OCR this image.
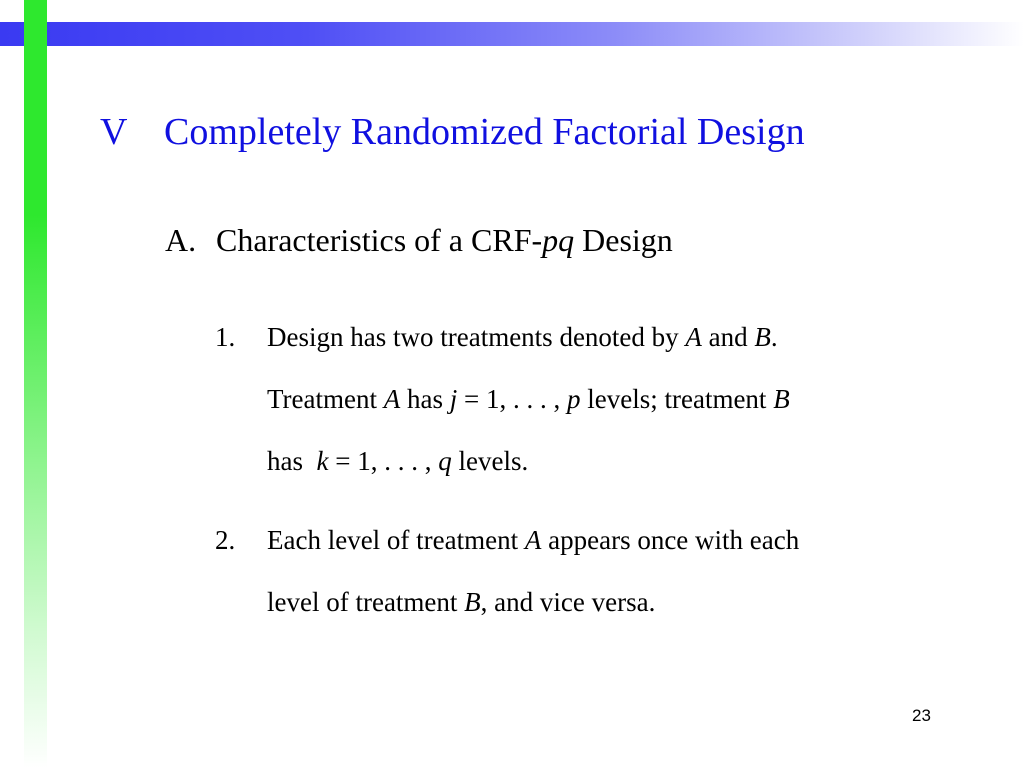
V Completely Randomized Factorial Design
A. Characteristics of a CRF-pq Design
1. Design has two treatments denoted by A and B.
Treatment A has j = 1, . . . , p levels; treatment B
has  k = 1, . . . , q levels.
2. Each level of treatment A appears once with each
level of treatment B, and vice versa.
23
